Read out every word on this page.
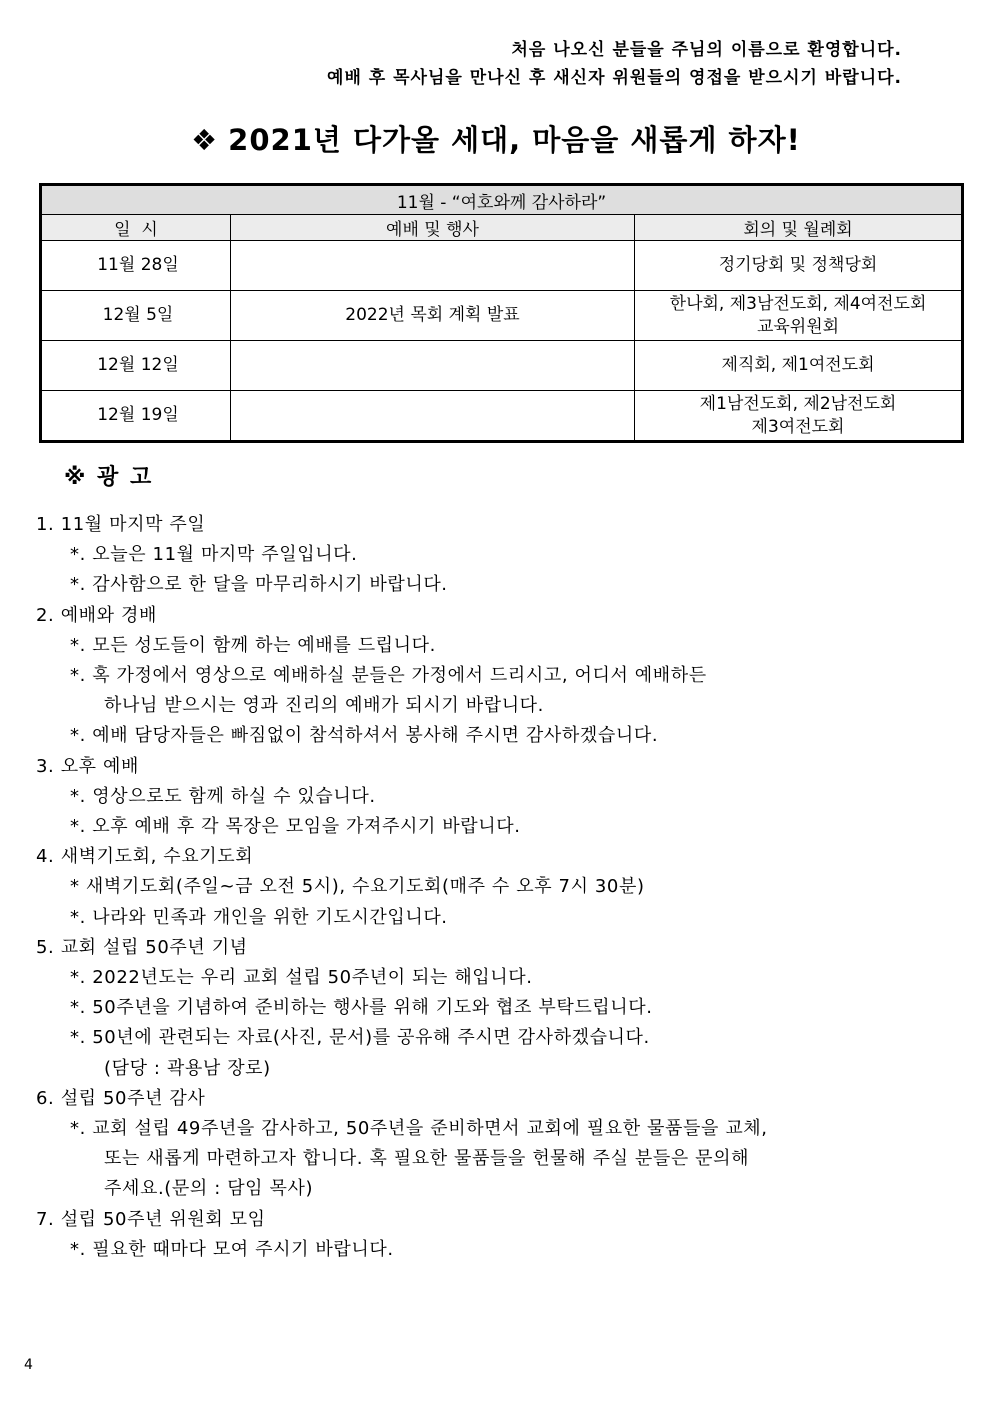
처음 나오신 분들을 주님의 이름으로 환영합니다.
예배 후 목사님을 만나신 후 새신자 위원들의 영접을 받으시기 바랍니다.
❖ 2021년 다가올 세대, 마음을 새롭게 하자!
11월 - “여호와께 감사하라”		
일  시	예배 및 행사	회의 및 월례회
11월 28일		정기당회 및 정책당회

12월 5일	2022년 목회 계획 발표	한나회, 제3남전도회, 제4여전도회
교육위원회

12월 12일		제직회, 제1여전도회

12월 19일		제1남전도회, 제2남전도회
제3여전도회
※ 광 고

1. 11월 마지막 주일

*. 오늘은 11월 마지막 주일입니다.

*. 감사함으로 한 달을 마무리하시기 바랍니다.

2. 예배와 경배

*. 모든 성도들이 함께 하는 예배를 드립니다.

*. 혹 가정에서 영상으로 예배하실 분들은 가정에서 드리시고, 어디서 예배하든

하나님 받으시는 영과 진리의 예배가 되시기 바랍니다.

*. 예배 담당자들은 빠짐없이 참석하셔서 봉사해 주시면 감사하겠습니다.

3. 오후 예배

*. 영상으로도 함께 하실 수 있습니다.

*. 오후 예배 후 각 목장은 모임을 가져주시기 바랍니다.

4. 새벽기도회, 수요기도회

* 새벽기도회(주일~금 오전 5시), 수요기도회(매주 수 오후 7시 30분)

*. 나라와 민족과 개인을 위한 기도시간입니다.

5. 교회 설립 50주년 기념

*. 2022년도는 우리 교회 설립 50주년이 되는 해입니다.

*. 50주년을 기념하여 준비하는 행사를 위해 기도와 협조 부탁드립니다.

*. 50년에 관련되는 자료(사진, 문서)를 공유해 주시면 감사하겠습니다.

(담당 : 곽용남 장로)

6. 설립 50주년 감사

*. 교회 설립 49주년을 감사하고, 50주년을 준비하면서 교회에 필요한 물품들을 교체,

또는 새롭게 마련하고자 합니다. 혹 필요한 물품들을 헌물해 주실 분들은 문의해

주세요.(문의 : 담임 목사)

7. 설립 50주년 위원회 모임

*. 필요한 때마다 모여 주시기 바랍니다.

4
